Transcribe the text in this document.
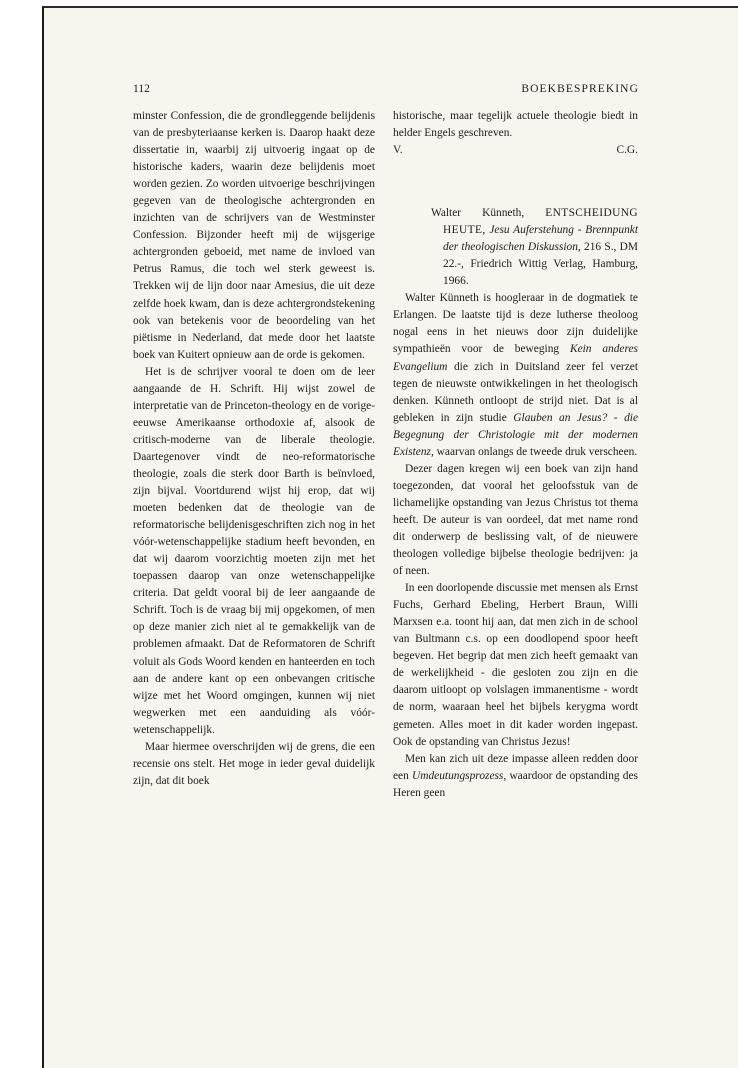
112	BOEKBESPREKING

minster Confession, die de grondleggende belijdenis van de presbyteriaanse kerken is. Daarop haakt deze dissertatie in, waarbij zij uitvoerig ingaat op de historische kaders, waarin deze belijdenis moet worden gezien. Zo worden uitvoerige beschrijvingen gegeven van de theologische achtergronden en inzichten van de schrijvers van de Westminster Confession. Bijzonder heeft mij de wijsgerige achtergronden geboeid, met name de invloed van Petrus Ramus, die toch wel sterk geweest is. Trekken wij de lijn door naar Amesius, die uit deze zelfde hoek kwam, dan is deze achtergrondstekening ook van betekenis voor de beoordeling van het piëtisme in Nederland, dat mede door het laatste boek van Kuitert opnieuw aan de orde is gekomen.

Het is de schrijver vooral te doen om de leer aangaande de H. Schrift. Hij wijst zowel de interpretatie van de Princeton-theology en de vorige-eeuwse Amerikaanse orthodoxie af, alsook de critisch-moderne van de liberale theologie. Daartegenover vindt de neo-reformatorische theologie, zoals die sterk door Barth is beïnvloed, zijn bijval. Voortdurend wijst hij erop, dat wij moeten bedenken dat de theologie van de reformatorische belijdenisgeschriften zich nog in het vóór-wetenschappelijke stadium heeft bevonden, en dat wij daarom voorzichtig moeten zijn met het toepassen daarop van onze wetenschappelijke criteria. Dat geldt vooral bij de leer aangaande de Schrift. Toch is de vraag bij mij opgekomen, of men op deze manier zich niet al te gemakkelijk van de problemen afmaakt. Dat de Reformatoren de Schrift voluit als Gods Woord kenden en hanteerden en toch aan de andere kant op een onbevangen critische wijze met het Woord omgingen, kunnen wij niet wegwerken met een aanduiding als vóór-wetenschappelijk.

Maar hiermee overschrijden wij de grens, die een recensie ons stelt. Het moge in ieder geval duidelijk zijn, dat dit boek

historische, maar tegelijk actuele theologie biedt in helder Engels geschreven.

V.	C.G.
Walter Künneth, ENTSCHEIDUNG HEUTE, Jesu Auferstehung - Brennpunkt der theologischen Diskussion, 216 S., DM 22.-, Friedrich Wittig Verlag, Hamburg, 1966.

Walter Künneth is hoogleraar in de dogmatiek te Erlangen. De laatste tijd is deze lutherse theoloog nogal eens in het nieuws door zijn duidelijke sympathieën voor de beweging Kein anderes Evangelium die zich in Duitsland zeer fel verzet tegen de nieuwste ontwikkelingen in het theologisch denken. Künneth ontloopt de strijd niet. Dat is al gebleken in zijn studie Glauben an Jesus? - die Begegnung der Christologie mit der modernen Existenz, waarvan onlangs de tweede druk verscheen.

Dezer dagen kregen wij een boek van zijn hand toegezonden, dat vooral het geloofsstuk van de lichamelijke opstanding van Jezus Christus tot thema heeft. De auteur is van oordeel, dat met name rond dit onderwerp de beslissing valt, of de nieuwere theologen volledige bijbelse theologie bedrijven: ja of neen.

In een doorlopende discussie met mensen als Ernst Fuchs, Gerhard Ebeling, Herbert Braun, Willi Marxsen e.a. toont hij aan, dat men zich in de school van Bultmann c.s. op een doodlopend spoor heeft begeven. Het begrip dat men zich heeft gemaakt van de werkelijkheid - die gesloten zou zijn en die daarom uitloopt op volslagen immanentisme - wordt de norm, waaraan heel het bijbels kerygma wordt gemeten. Alles moet in dit kader worden ingepast. Ook de opstanding van Christus Jezus!

Men kan zich uit deze impasse alleen redden door een Umdeutungsprozess, waardoor de opstanding des Heren geen
